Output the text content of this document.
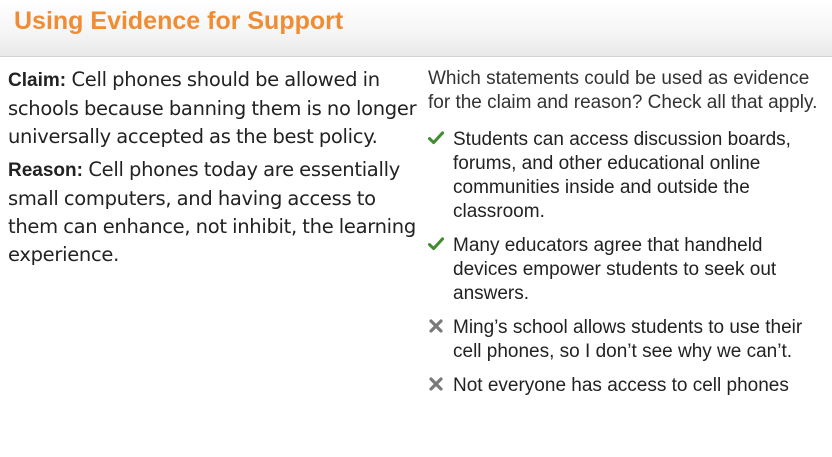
Using Evidence for Support

Claim: Cell phones should be allowed in schools because banning them is no longer universally accepted as the best policy.

Reason: Cell phones today are essentially small computers, and having access to them can enhance, not inhibit, the learning experience.

Which statements could be used as evidence for the claim and reason? Check all that apply.
Students can access discussion boards, forums, and other educational online communities inside and outside the classroom.
Many educators agree that handheld devices empower students to seek out answers.
Ming’s school allows students to use their cell phones, so I don’t see why we can’t.
Not everyone has access to cell phones
